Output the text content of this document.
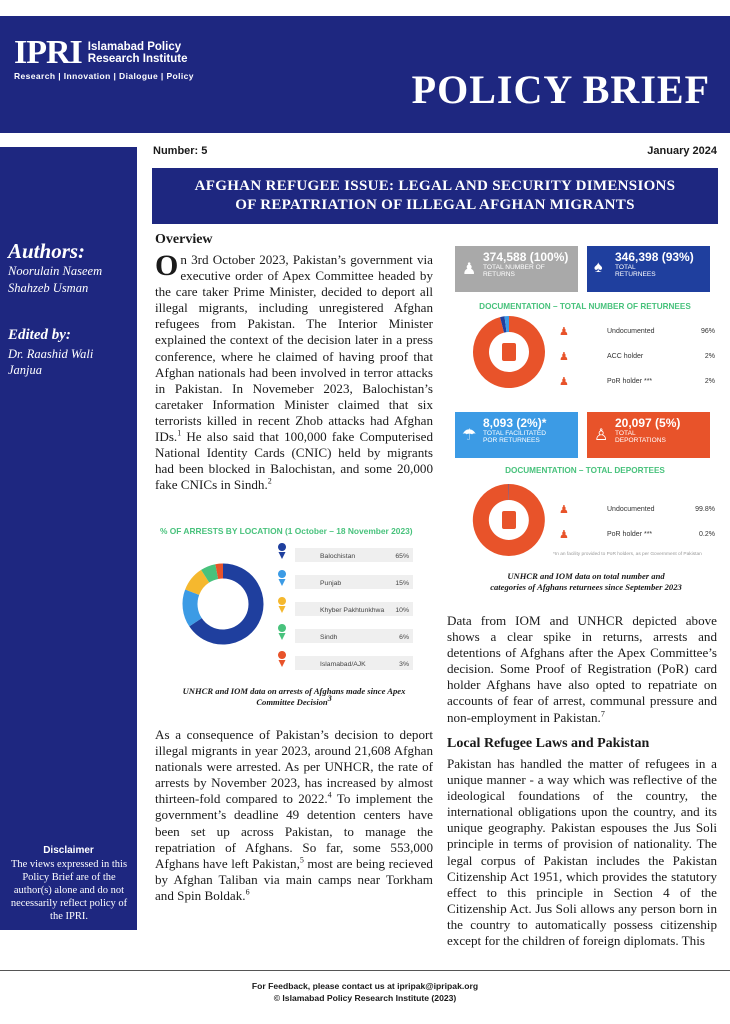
IPRI Islamabad Policy
Research Institute
Research | Innovation | Dialogue | Policy	POLICY BRIEF
Authors:
Noorulain Naseem
Shahzeb Usman
Edited by:
Dr. Raashid Wali
Janjua
Disclaimer
The views expressed in this Policy Brief are of the author(s) alone and do not necessarily reflect policy of the IPRI.
Number: 5	January 2024
AFGHAN REFUGEE ISSUE: LEGAL AND SECURITY DIMENSIONS
OF REPATRIATION OF ILLEGAL AFGHAN MIGRANTS
Overview
On 3rd October 2023, Pakistan’s government via executive order of Apex Committee headed by the care taker Prime Minister, decided to deport all illegal migrants, including unregistered Afghan refugees from Pakistan. The Interior Minister explained the context of the decision later in a press conference, where he claimed of having proof that Afghan nationals had been involved in terror attacks in Pakistan. In Novemeber 2023, Balochistan’s caretaker Information Minister claimed that six terrorists killed in recent Zhob attacks had Afghan IDs.$^1$ He also said that 100,000 fake Computerised National Identity Cards (CNIC) held by migrants had been blocked in Balochistan, and some 20,000 fake CNICs in Sindh.$^2$
% OF ARRESTS BY LOCATION (1 October – 18 November 2023)
Balochistan	65%
Punjab	15%
Khyber Pakhtunkhwa 10%
Sindh	6%
Islamabad/AJK	3%
UNHCR and IOM data on arrests of Afghans made since Apex
Committee Decision$^3$
As a consequence of Pakistan’s decision to deport illegal migrants in year 2023, around 21,608 Afghan nationals were arrested. As per UNHCR, the rate of arrests by November 2023, has increased by almost thirteen-fold compared to 2022.$^4$ To implement the government’s deadline 49 detention centers have been set up across Pakistan, to manage the repatriation of Afghans. So far, some 553,000 Afghans have left Pakistan,$^5$ most are being recieved by Afghan Taliban via main camps near Torkham and Spin Boldak.$^6$
♟
374,588 (100%)
TOTAL NUMBER OF
RETURNS	♠
346,398 (93%)
TOTAL
RETURNEES
DOCUMENTATION – TOTAL NUMBER OF RETURNEES
♟	Undocumented	96%
♟	ACC holder	2%
♟	PoR holder ***	2%
☂
8,093 (2%)*
TOTAL FACILITATED
POR RETURNEES	♙
20,097 (5%)
TOTAL
DEPORTATIONS
DOCUMENTATION – TOTAL DEPORTEES
♟	Undocumented	99.8%
♟	PoR holder ***	0.2%
*In an facility provided to PoR holders, as per Government of Pakistan
UNHCR and IOM data on total number and
categories of Afghans returnees since September 2023
Data from IOM and UNHCR depicted above shows a clear spike in returns, arrests and detentions of Afghans after the Apex Committee’s decision. Some Proof of Registration (PoR) card holder Afghans have also opted to repatriate on accounts of fear of arrest, communal pressure and non-employment in Pakistan.$^7$
Local Refugee Laws and Pakistan
Pakistan has handled the matter of refugees in a unique manner - a way which was reflective of the ideological foundations of the country, the international obligations upon the country, and its unique geography. Pakistan espouses the Jus Soli principle in terms of provision of nationality. The legal corpus of Pakistan includes the Pakistan Citizenship Act 1951, which provides the statutory effect to this principle in Section 4 of the Citizenship Act. Jus Soli allows any person born in the country to automatically possess citizenship except for the children of foreign diplomats. This
For Feedback, please contact us at ipripak@ipripak.org
© Islamabad Policy Research Institute (2023)
